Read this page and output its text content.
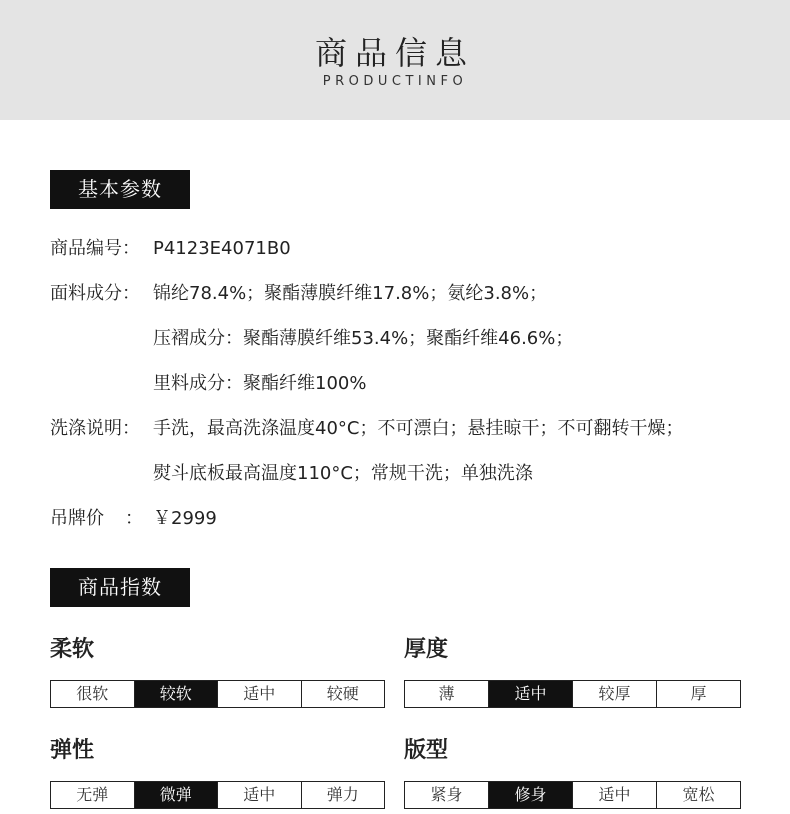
商品信息
PRODUCTINFO
基本参数
商品编号： P4123E4071B0
面料成分： 锦纶78.4%；聚酯薄膜纤维17.8%；氨纶3.8%；
压褶成分：聚酯薄膜纤维53.4%；聚酯纤维46.6%；
里料成分：聚酯纤维100%
洗涤说明： 手洗，最高洗涤温度40°C；不可漂白；悬挂晾干；不可翻转干燥；
熨斗底板最高温度110°C；常规干洗；单独洗涤
吊牌价 ： ￥2999
商品指数
柔软
很软	较软	适中	较硬
厚度
薄	适中	较厚	厚
弹性
无弹	微弹	适中	弹力
版型
紧身	修身	适中	宽松
